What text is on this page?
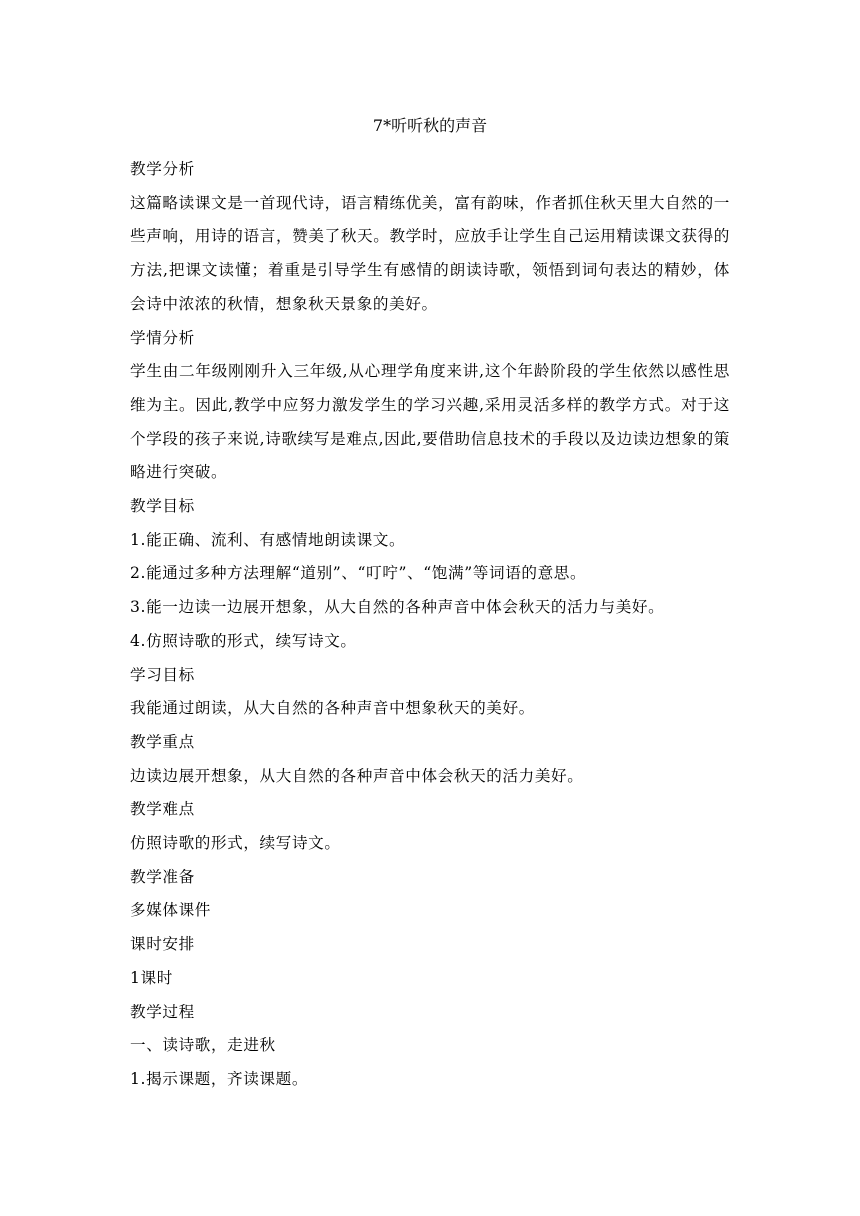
7*听听秋的声音

教学分析

这篇略读课文是一首现代诗，语言精练优美，富有韵味，作者抓住秋天里大自然的一些声响，用诗的语言，赞美了秋天。教学时，应放手让学生自己运用精读课文获得的方法,把课文读懂；着重是引导学生有感情的朗读诗歌，领悟到词句表达的精妙，体会诗中浓浓的秋情，想象秋天景象的美好。

学情分析

学生由二年级刚刚升入三年级,从心理学角度来讲,这个年龄阶段的学生依然以感性思维为主。因此,教学中应努力激发学生的学习兴趣,采用灵活多样的教学方式。对于这个学段的孩子来说,诗歌续写是难点,因此,要借助信息技术的手段以及边读边想象的策略进行突破。

教学目标

1.能正确、流利、有感情地朗读课文。

2.能通过多种方法理解“道别”、“叮咛”、“饱满”等词语的意思。

3.能一边读一边展开想象，从大自然的各种声音中体会秋天的活力与美好。

4.仿照诗歌的形式，续写诗文。

学习目标

我能通过朗读，从大自然的各种声音中想象秋天的美好。

教学重点

边读边展开想象，从大自然的各种声音中体会秋天的活力美好。

教学难点

仿照诗歌的形式，续写诗文。

教学准备

多媒体课件

课时安排

1课时

教学过程

一、读诗歌，走进秋

1.揭示课题，齐读课题。
